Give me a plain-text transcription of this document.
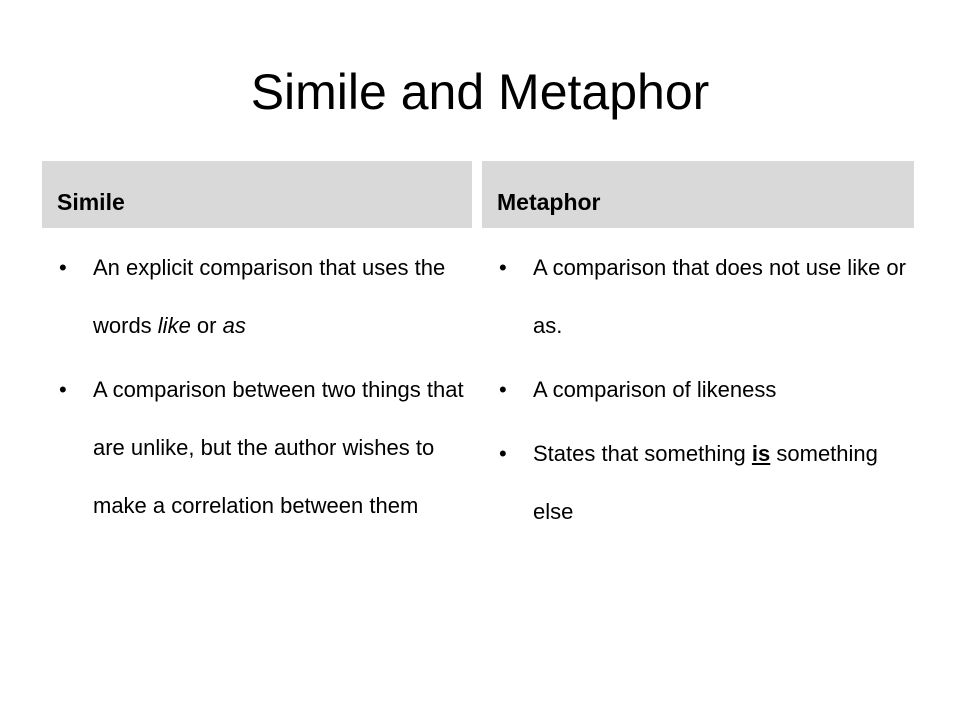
Simile and Metaphor
Simile
• An explicit comparison that uses the words like or as
• A comparison between two things that are unlike, but the author wishes to make a correlation between them
Metaphor
• A comparison that does not use like or as.
• A comparison of likeness
• States that something is something else
